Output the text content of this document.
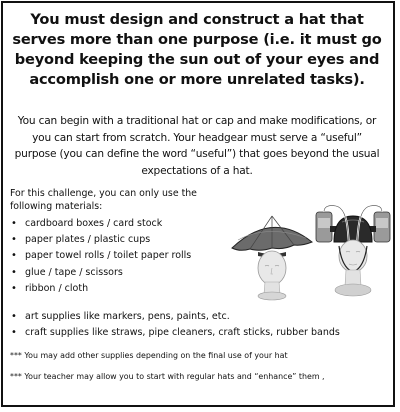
You must design and construct a hat that serves more than one purpose (i.e. it must go beyond keeping the sun out of your eyes and accomplish one or more unrelated tasks).
You can begin with a traditional hat or cap and make modifications, or you can start from scratch. Your headgear must serve a “useful” purpose (you can define the word “useful”) that goes beyond the usual expectations of a hat.
For this challenge, you can only use the following materials:
• cardboard boxes / card stock
• paper plates / plastic cups
• paper towel rolls / toilet paper rolls
• glue / tape / scissors
• ribbon / cloth
• art supplies like markers, pens, paints, etc.
• craft supplies like straws, pipe cleaners, craft sticks, rubber bands
*** You may add other supplies depending on the final use of your hat
*** Your teacher may allow you to start with regular hats and “enhance” them ,
